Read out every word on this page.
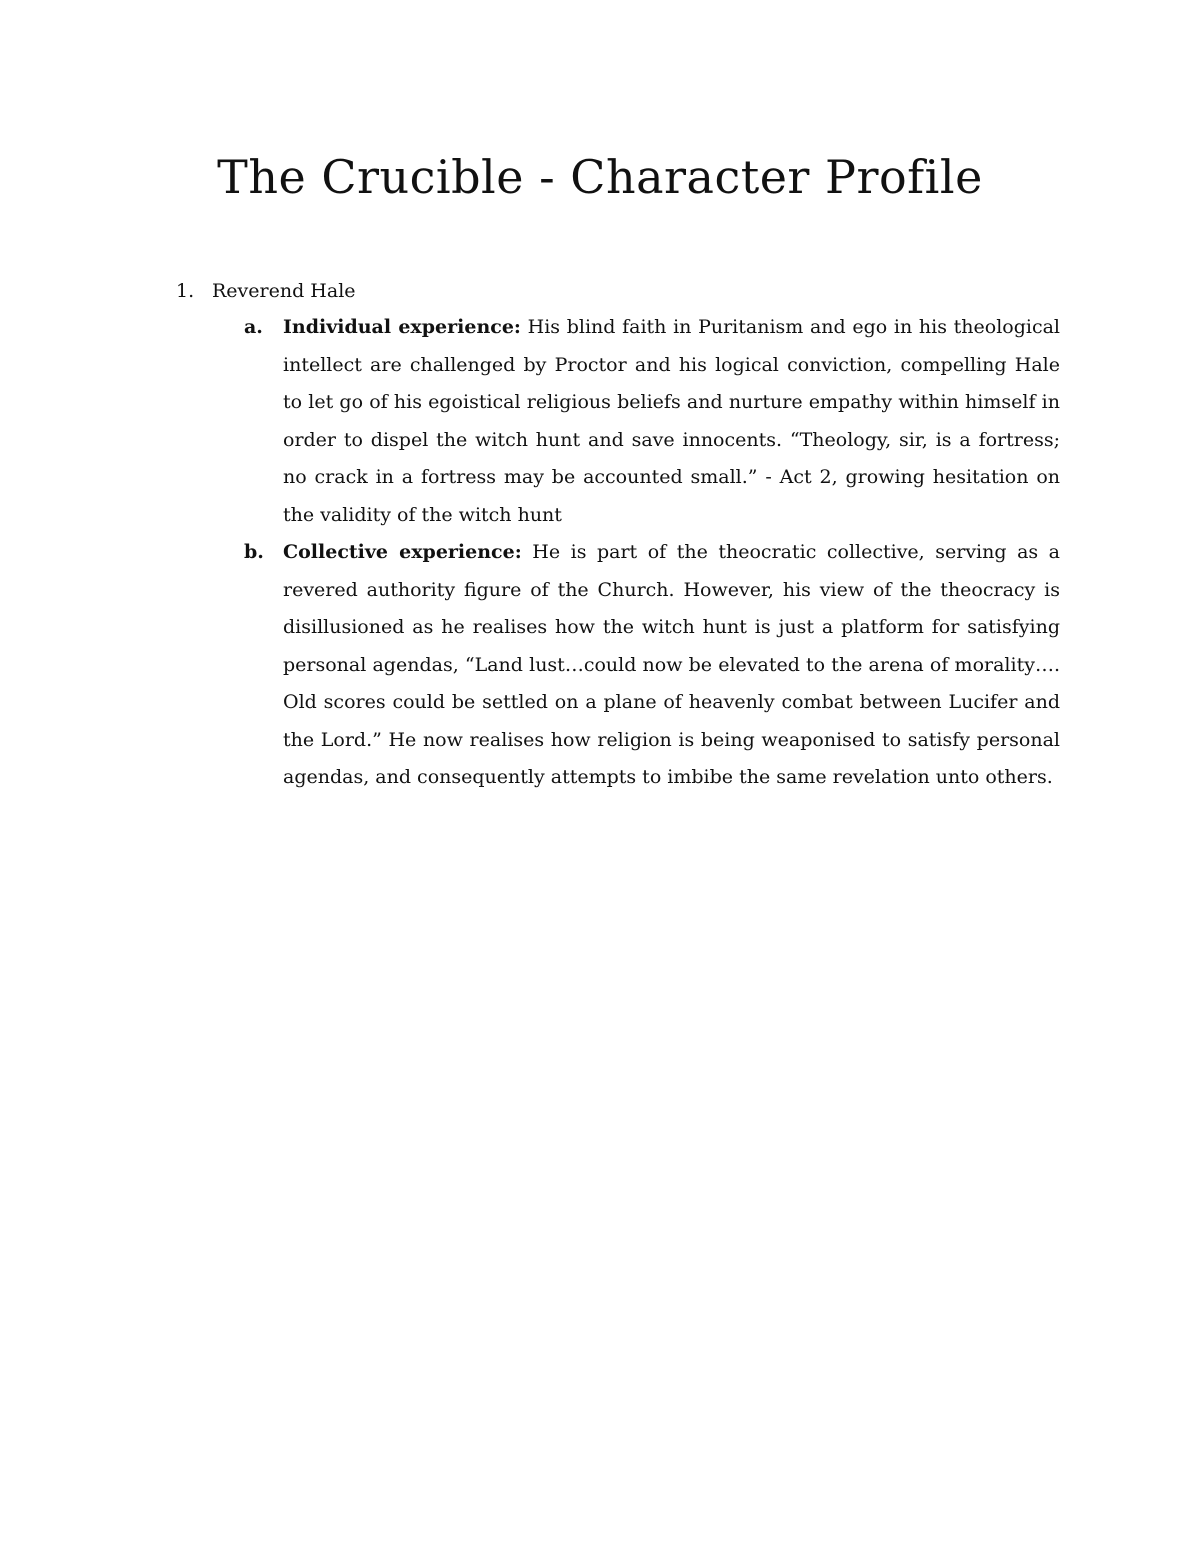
The Crucible - Character Profile
1. Reverend Hale
a. Individual experience: His blind faith in Puritanism and ego in his theological intellect are challenged by Proctor and his logical conviction, compelling Hale to let go of his egoistical religious beliefs and nurture empathy within himself in order to dispel the witch hunt and save innocents. “Theology, sir, is a fortress; no crack in a fortress may be accounted small.” - Act 2, growing hesitation on the validity of the witch hunt
b. Collective experience: He is part of the theocratic collective, serving as a revered authority figure of the Church. However, his view of the theocracy is disillusioned as he realises how the witch hunt is just a platform for satisfying personal agendas, “Land lust…could now be elevated to the arena of morality…. Old scores could be settled on a plane of heavenly combat between Lucifer and the Lord.” He now realises how religion is being weaponised to satisfy personal agendas, and consequently attempts to imbibe the same revelation unto others.
